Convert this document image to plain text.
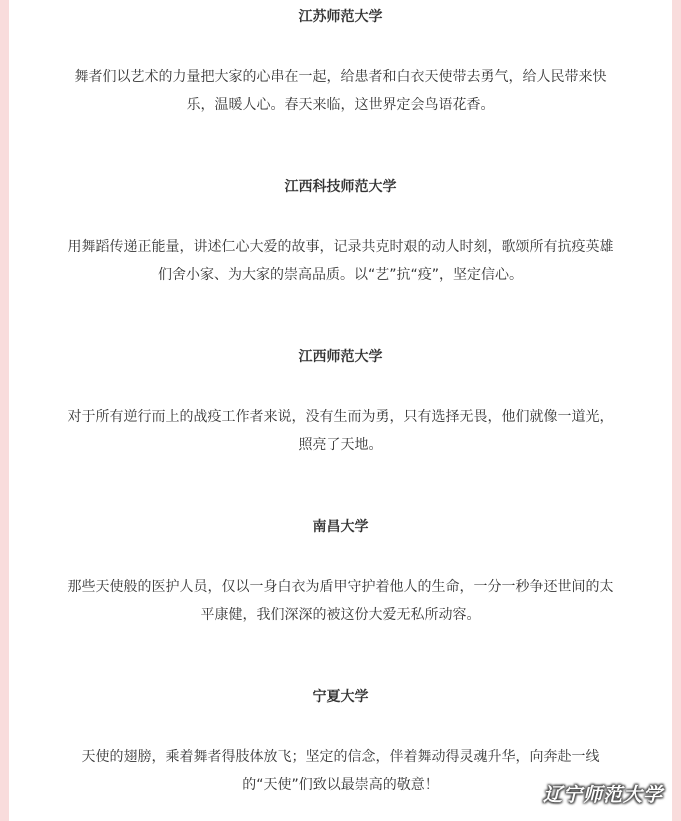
江苏师范大学
舞者们以艺术的力量把大家的心串在一起，给患者和白衣天使带去勇气，给人民带来快
乐，温暖人心。春天来临，这世界定会鸟语花香。
江西科技师范大学
用舞蹈传递正能量，讲述仁心大爱的故事，记录共克时艰的动人时刻，歌颂所有抗疫英雄
们舍小家、为大家的崇高品质。以“艺”抗“疫”，坚定信心。
江西师范大学
对于所有逆行而上的战疫工作者来说，没有生而为勇，只有选择无畏，他们就像一道光，
照亮了天地。
南昌大学
那些天使般的医护人员，仅以一身白衣为盾甲守护着他人的生命，一分一秒争还世间的太
平康健，我们深深的被这份大爱无私所动容。
宁夏大学
天使的翅膀，乘着舞者得肢体放飞；坚定的信念，伴着舞动得灵魂升华，向奔赴一线
的“天使”们致以最崇高的敬意！	辽宁师范大学
